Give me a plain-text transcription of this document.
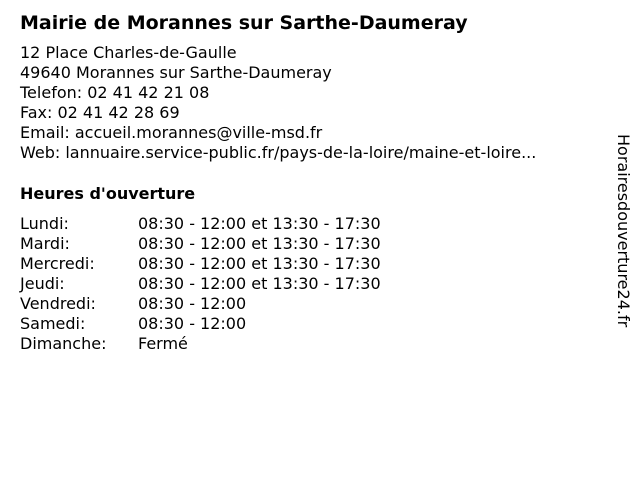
Mairie de Morannes sur Sarthe-Daumeray
12 Place Charles-de-Gaulle
49640 Morannes sur Sarthe-Daumeray
Telefon: 02 41 42 21 08
Fax: 02 41 42 28 69
Email: accueil.morannes@ville-msd.fr
Web: lannuaire.service-public.fr/pays-de-la-loire/maine-et-loire...
Heures d'ouverture
Lundi:	08:30 - 12:00 et 13:30 - 17:30
Mardi:	08:30 - 12:00 et 13:30 - 17:30
Mercredi:	08:30 - 12:00 et 13:30 - 17:30
Jeudi:	08:30 - 12:00 et 13:30 - 17:30
Vendredi:	08:30 - 12:00
Samedi:	08:30 - 12:00
Dimanche: Fermé
Horairesdouverture24.fr
